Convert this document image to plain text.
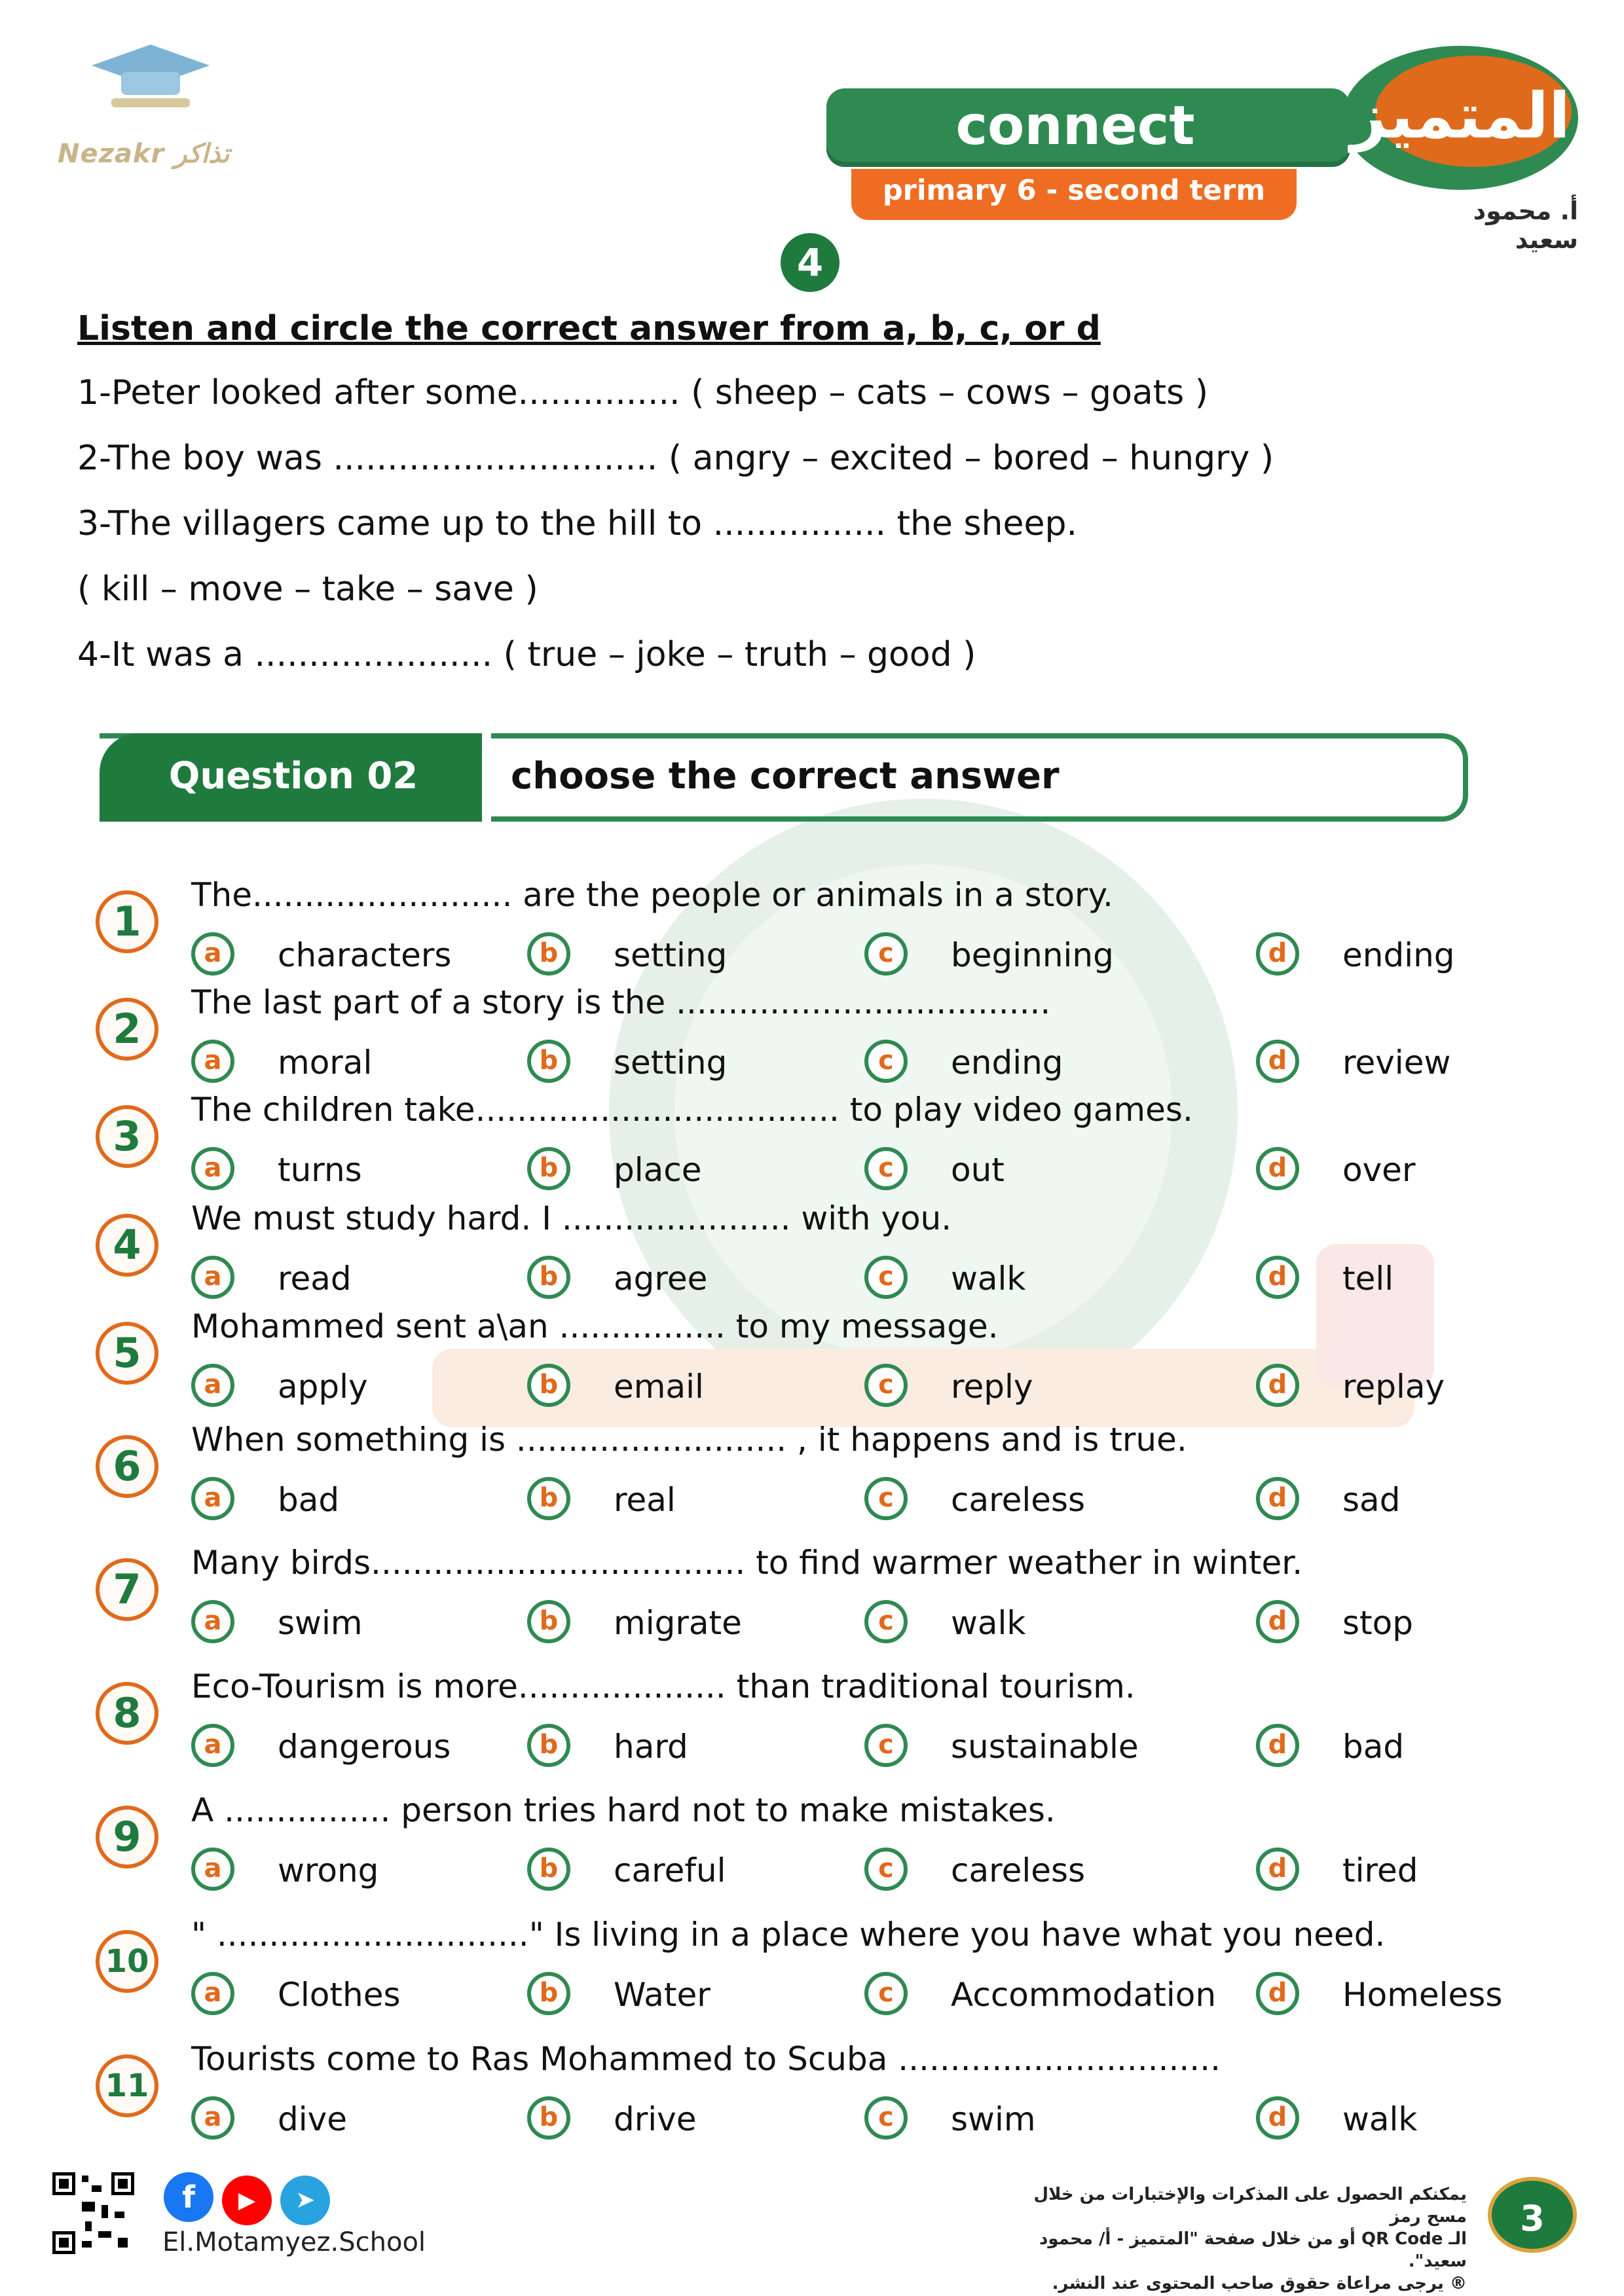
Nezakr تذاكر	connect
primary 6 - second term
المتميز
أ. محمود سعيد
4
Listen and circle the correct answer from a, b, c, or d
1-Peter looked after some............... ( sheep – cats – cows – goats )
2-The boy was .............................. ( angry – excited – bored – hungry )
3-The villagers came up to the hill to ................ the sheep.
( kill – move – take – save )
4-It was a ...................... ( true – joke – truth – good )
Question 02	choose the correct answer
1
The......................... are the people or animals in a story.
a	characters	b	setting	c	beginning	d	ending
2
The last part of a story is the ....................................
a	moral	b	setting	c	ending	d	review
3
The children take................................... to play video games.
a	turns	b	place	c	out	d	over
4
We must study hard. I ...................... with you.
a	read	b	agree	c	walk	d	tell
5
Mohammed sent a\an ................ to my message.
a	apply	b	email	c	reply	d	replay
6
When something is .......................... , it happens and is true.
a	bad	b	real	c	careless	d	sad
7
Many birds.................................... to find warmer weather in winter.
a	swim	b	migrate	c	walk	d	stop
8
Eco-Tourism is more.................... than traditional tourism.
a	dangerous	b	hard	c	sustainable	d	bad
9
A ................ person tries hard not to make mistakes.
a	wrong	b	careful	c	careless	d	tired
10
" .............................." Is living in a place where you have what you need.
a	Clothes	b	Water	c	Accommodation	d	Homeless
11
Tourists come to Ras Mohammed to Scuba ...............................
a	dive	b	drive	c	swim	d	walk
f ▶ ➤
El.Motamyez.School
يمكنكم الحصول على المذكرات والإختبارات من خلال مسح رمز
الـ QR Code أو من خلال صفحة "المتميز - أ/ محمود سعيد".
® يرجى مراعاة حقوق صاحب المحتوى عند النشر.
3
